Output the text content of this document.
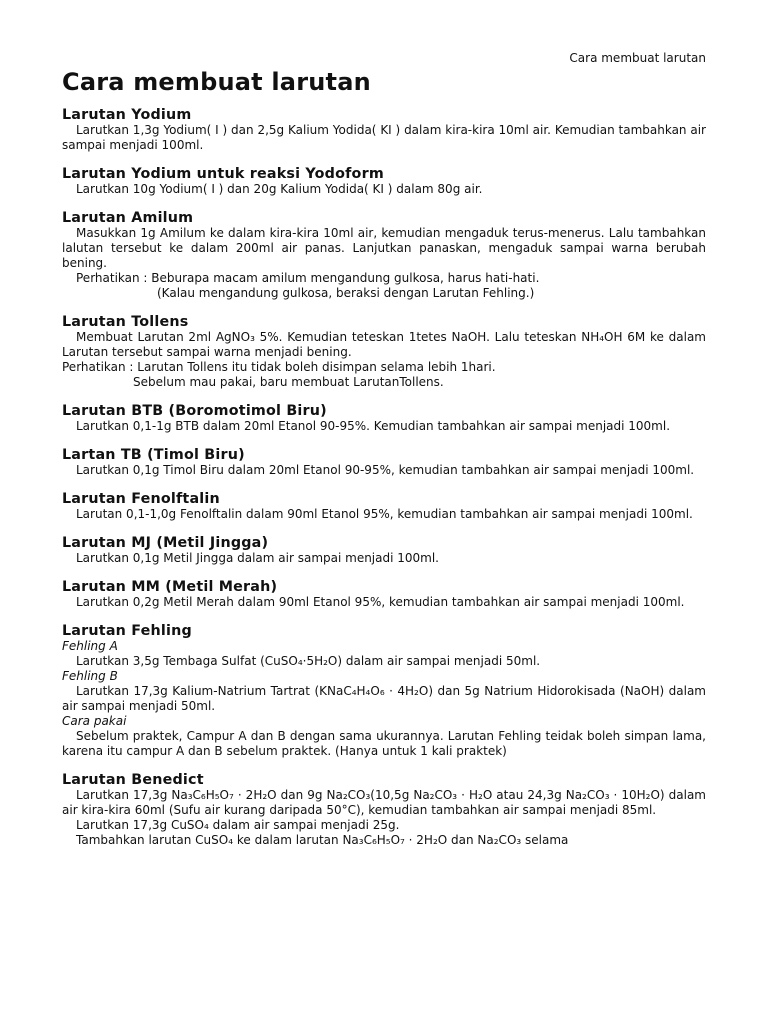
Cara membuat larutan
Cara membuat larutan
Larutan Yodium

Larutkan 1,3g Yodium( I ) dan 2,5g Kalium Yodida( KI ) dalam kira-kira 10ml air. Kemudian tambahkan air sampai menjadi 100ml.

Larutan Yodium untuk reaksi Yodoform

Larutkan 10g Yodium( I ) dan 20g Kalium Yodida( KI ) dalam 80g air.

Larutan Amilum

Masukkan 1g Amilum ke dalam kira-kira 10ml air, kemudian mengaduk terus-menerus. Lalu tambahkan lalutan tersebut ke dalam 200ml air panas. Lanjutkan panaskan, mengaduk sampai warna berubah bening.

Perhatikan : Beburapa macam amilum mengandung gulkosa, harus hati-hati.

(Kalau mengandung gulkosa, beraksi dengan Larutan Fehling.)

Larutan Tollens

Membuat Larutan 2ml AgNO₃ 5%. Kemudian teteskan 1tetes NaOH. Lalu teteskan NH₄OH 6M ke dalam Larutan tersebut sampai warna menjadi bening.

Perhatikan : Larutan Tollens itu tidak boleh disimpan selama lebih 1hari.

Sebelum mau pakai, baru membuat LarutanTollens.

Larutan BTB (Boromotimol Biru)

Larutkan 0,1-1g BTB dalam 20ml Etanol 90-95%. Kemudian tambahkan air sampai menjadi 100ml.

Lartan TB (Timol Biru)

Larutkan 0,1g Timol Biru dalam 20ml Etanol 90-95%, kemudian tambahkan air sampai menjadi 100ml.

Larutan Fenolftalin

Larutan 0,1-1,0g Fenolftalin dalam 90ml Etanol 95%, kemudian tambahkan air sampai menjadi 100ml.

Larutan MJ (Metil Jingga)

Larutkan 0,1g Metil Jingga dalam air sampai menjadi 100ml.

Larutan MM (Metil Merah)

Larutkan 0,2g Metil Merah dalam 90ml Etanol 95%, kemudian tambahkan air sampai menjadi 100ml.

Larutan Fehling

Fehling A

Larutkan 3,5g Tembaga Sulfat (CuSO₄·5H₂O) dalam air sampai menjadi 50ml.

Fehling B

Larutkan 17,3g Kalium-Natrium Tartrat (KNaC₄H₄O₆ · 4H₂O) dan 5g Natrium Hidorokisada (NaOH) dalam air sampai menjadi 50ml.

Cara pakai

Sebelum praktek, Campur A dan B dengan sama ukurannya. Larutan Fehling teidak boleh simpan lama, karena itu campur A dan B sebelum praktek. (Hanya untuk 1 kali praktek)

Larutan Benedict

Larutkan 17,3g Na₃C₆H₅O₇ · 2H₂O dan 9g Na₂CO₃(10,5g Na₂CO₃ · H₂O atau 24,3g Na₂CO₃ · 10H₂O) dalam air kira-kira 60ml (Sufu air kurang daripada 50°C), kemudian tambahkan air sampai menjadi 85ml.

Larutkan 17,3g CuSO₄ dalam air sampai menjadi 25g.

Tambahkan larutan CuSO₄ ke dalam larutan Na₃C₆H₅O₇ · 2H₂O dan Na₂CO₃ selama
